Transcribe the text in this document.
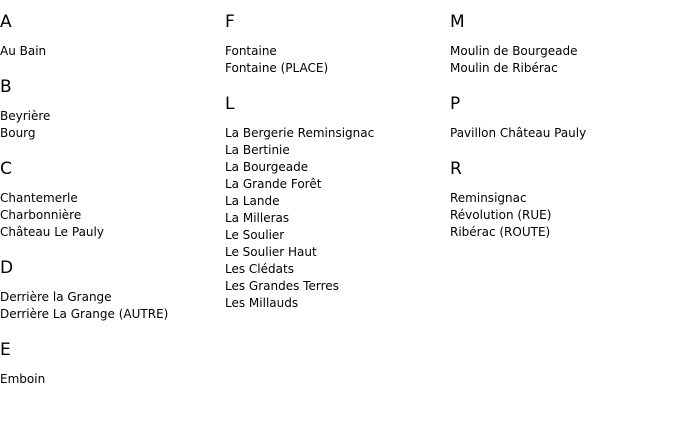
A
Au Bain
B
Beyrière
Bourg
C
Chantemerle
Charbonnière
Château Le Pauly
D
Derrière la Grange
Derrière La Grange (AUTRE)
E
Emboin
F
Fontaine
Fontaine (PLACE)
L
La Bergerie Reminsignac
La Bertinie
La Bourgeade
La Grande Forêt
La Lande
La Milleras
Le Soulier
Le Soulier Haut
Les Clédats
Les Grandes Terres
Les Millauds
M
Moulin de Bourgeade
Moulin de Ribérac
P
Pavillon Château Pauly
R
Reminsignac
Révolution (RUE)
Ribérac (ROUTE)
